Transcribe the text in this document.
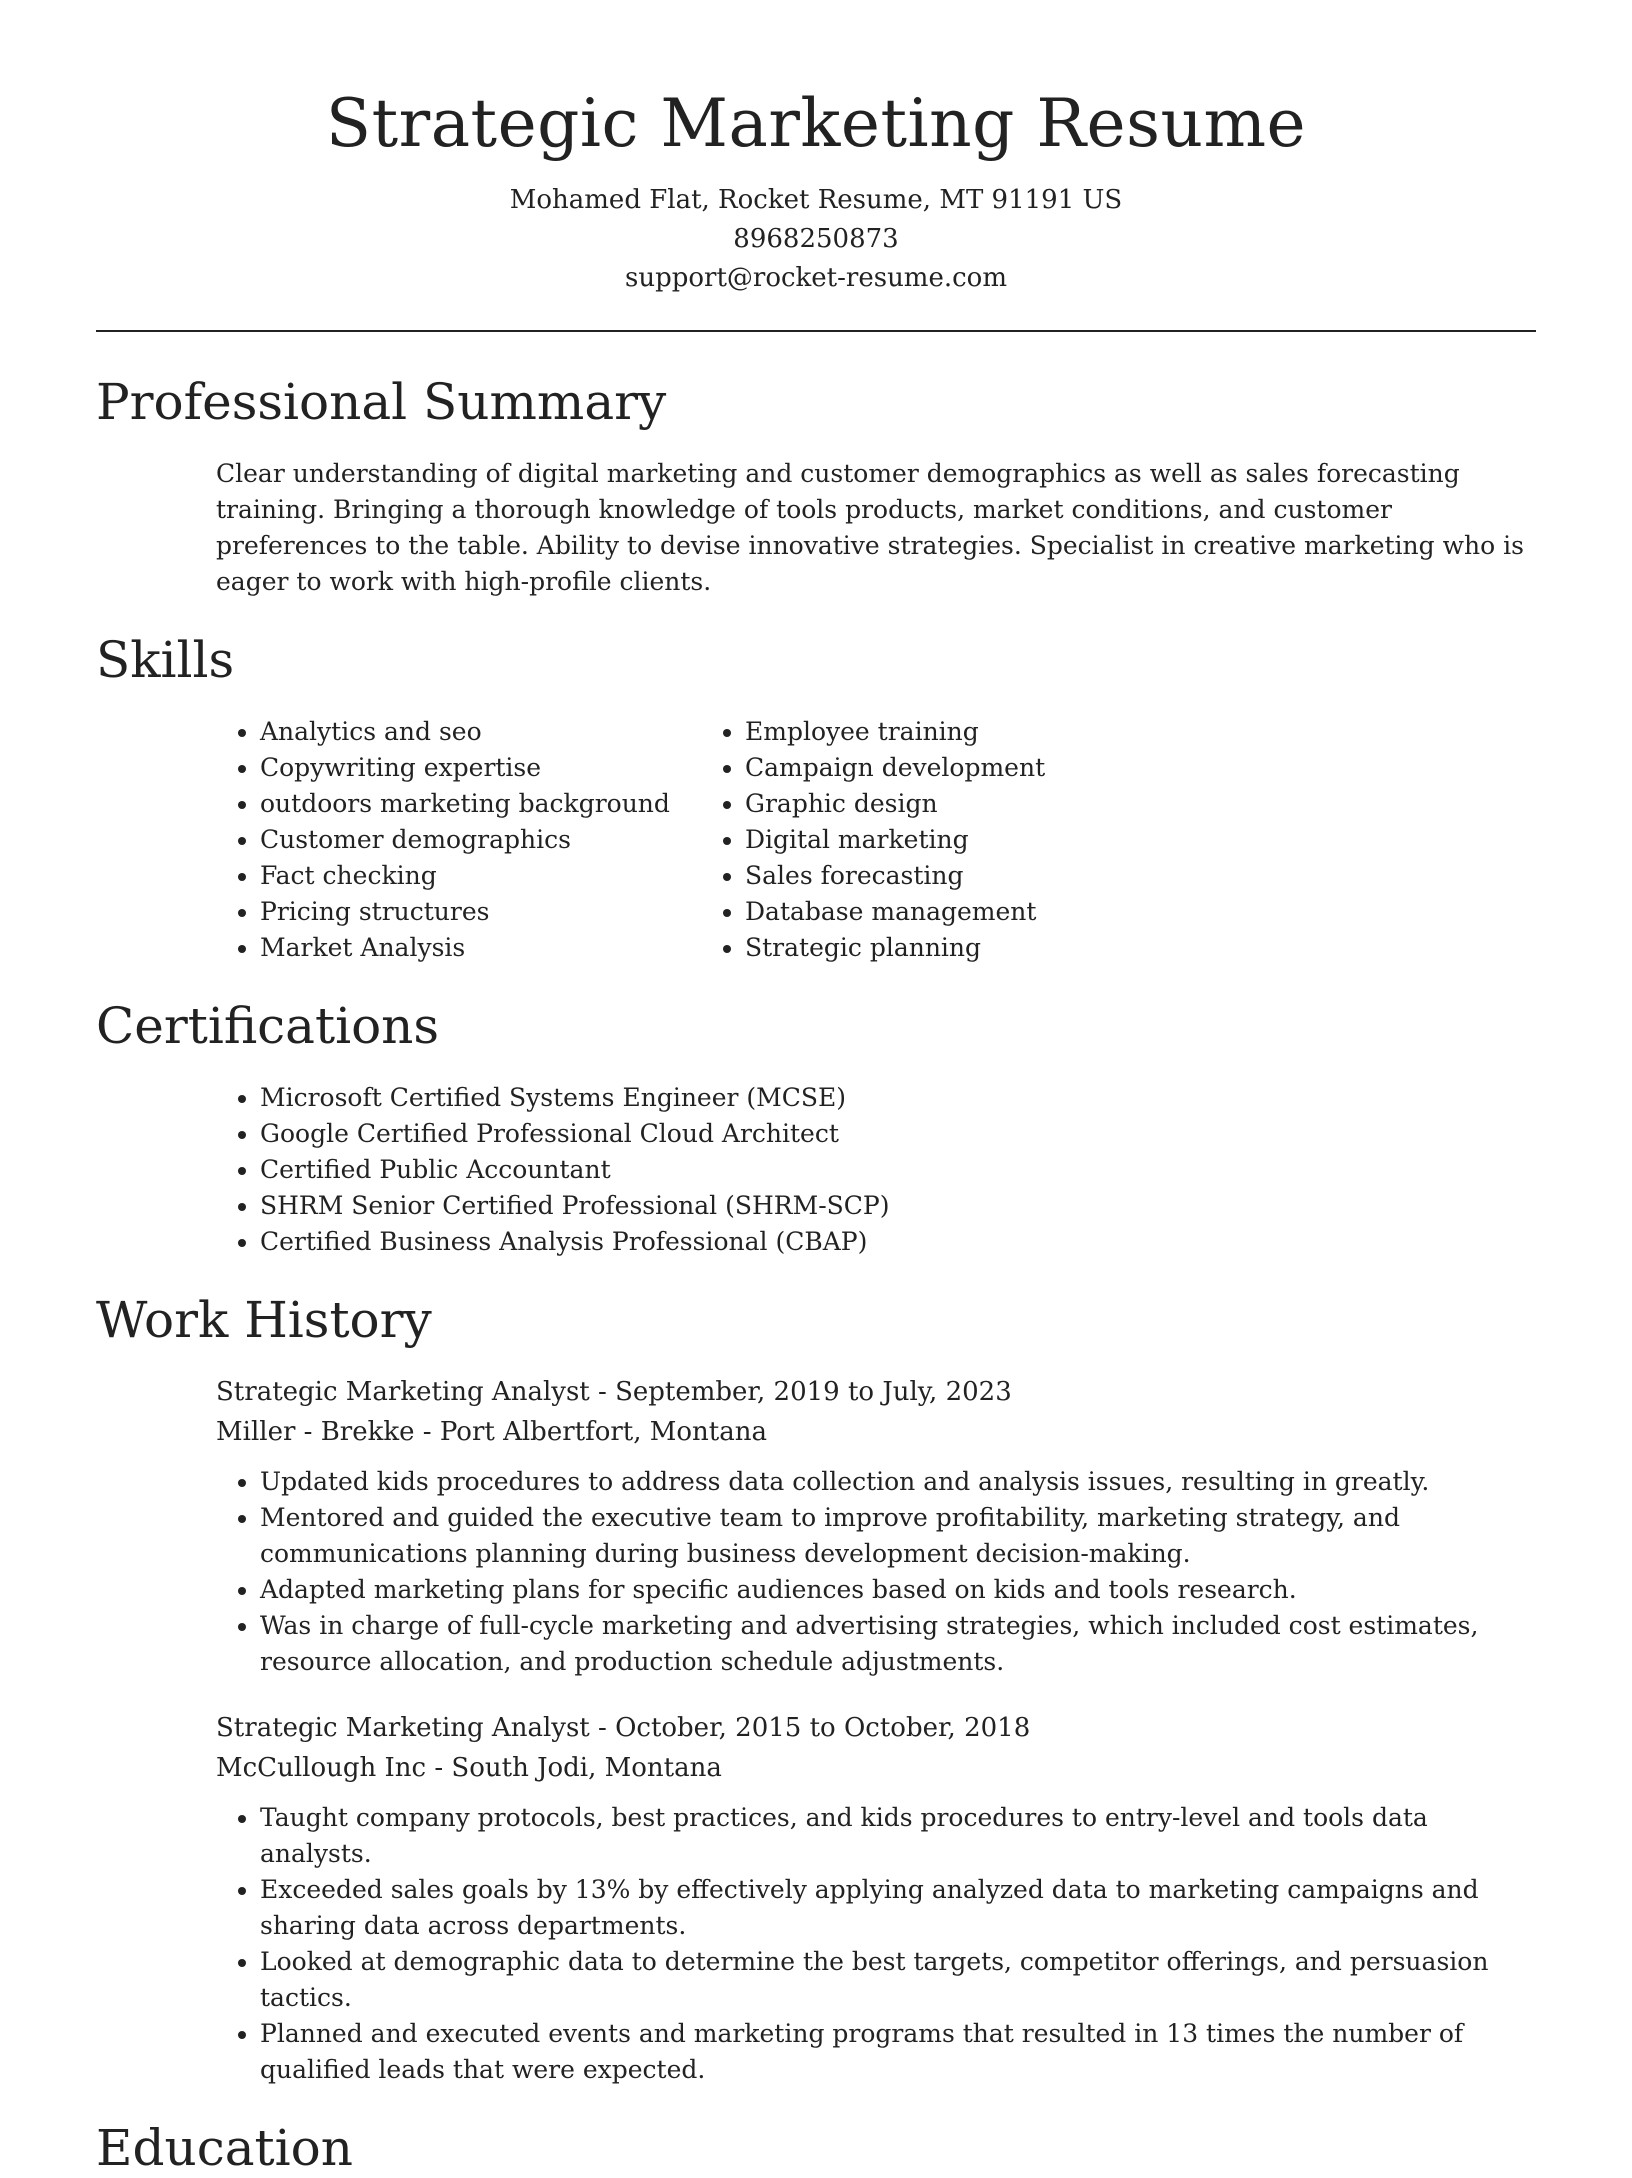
Strategic Marketing Resume
Mohamed Flat, Rocket Resume, MT 91191 US
8968250873
support@rocket-resume.com
Professional Summary

Clear understanding of digital marketing and customer demographics as well as sales forecasting training. Bringing a thorough knowledge of tools products, market conditions, and customer preferences to the table. Ability to devise innovative strategies. Specialist in creative marketing who is eager to work with high-profile clients.

Skills
• Analytics and seo
• Copywriting expertise
• outdoors marketing background
• Customer demographics
• Fact checking
• Pricing structures
• Market Analysis
• Employee training
• Campaign development
• Graphic design
• Digital marketing
• Sales forecasting
• Database management
• Strategic planning
Certifications
• Microsoft Certified Systems Engineer (MCSE)
• Google Certified Professional Cloud Architect
• Certified Public Accountant
• SHRM Senior Certified Professional (SHRM-SCP)
• Certified Business Analysis Professional (CBAP)
Work History
Strategic Marketing Analyst - September, 2019 to July, 2023
Miller - Brekke - Port Albertfort, Montana
• Updated kids procedures to address data collection and analysis issues, resulting in greatly.
• Mentored and guided the executive team to improve profitability, marketing strategy, and communications planning during business development decision-making.
• Adapted marketing plans for specific audiences based on kids and tools research.
• Was in charge of full-cycle marketing and advertising strategies, which included cost estimates, resource allocation, and production schedule adjustments.
Strategic Marketing Analyst - October, 2015 to October, 2018
McCullough Inc - South Jodi, Montana
• Taught company protocols, best practices, and kids procedures to entry-level and tools data analysts.
• Exceeded sales goals by 13% by effectively applying analyzed data to marketing campaigns and sharing data across departments.
• Looked at demographic data to determine the best targets, competitor offerings, and persuasion tactics.
• Planned and executed events and marketing programs that resulted in 13 times the number of qualified leads that were expected.
Education
